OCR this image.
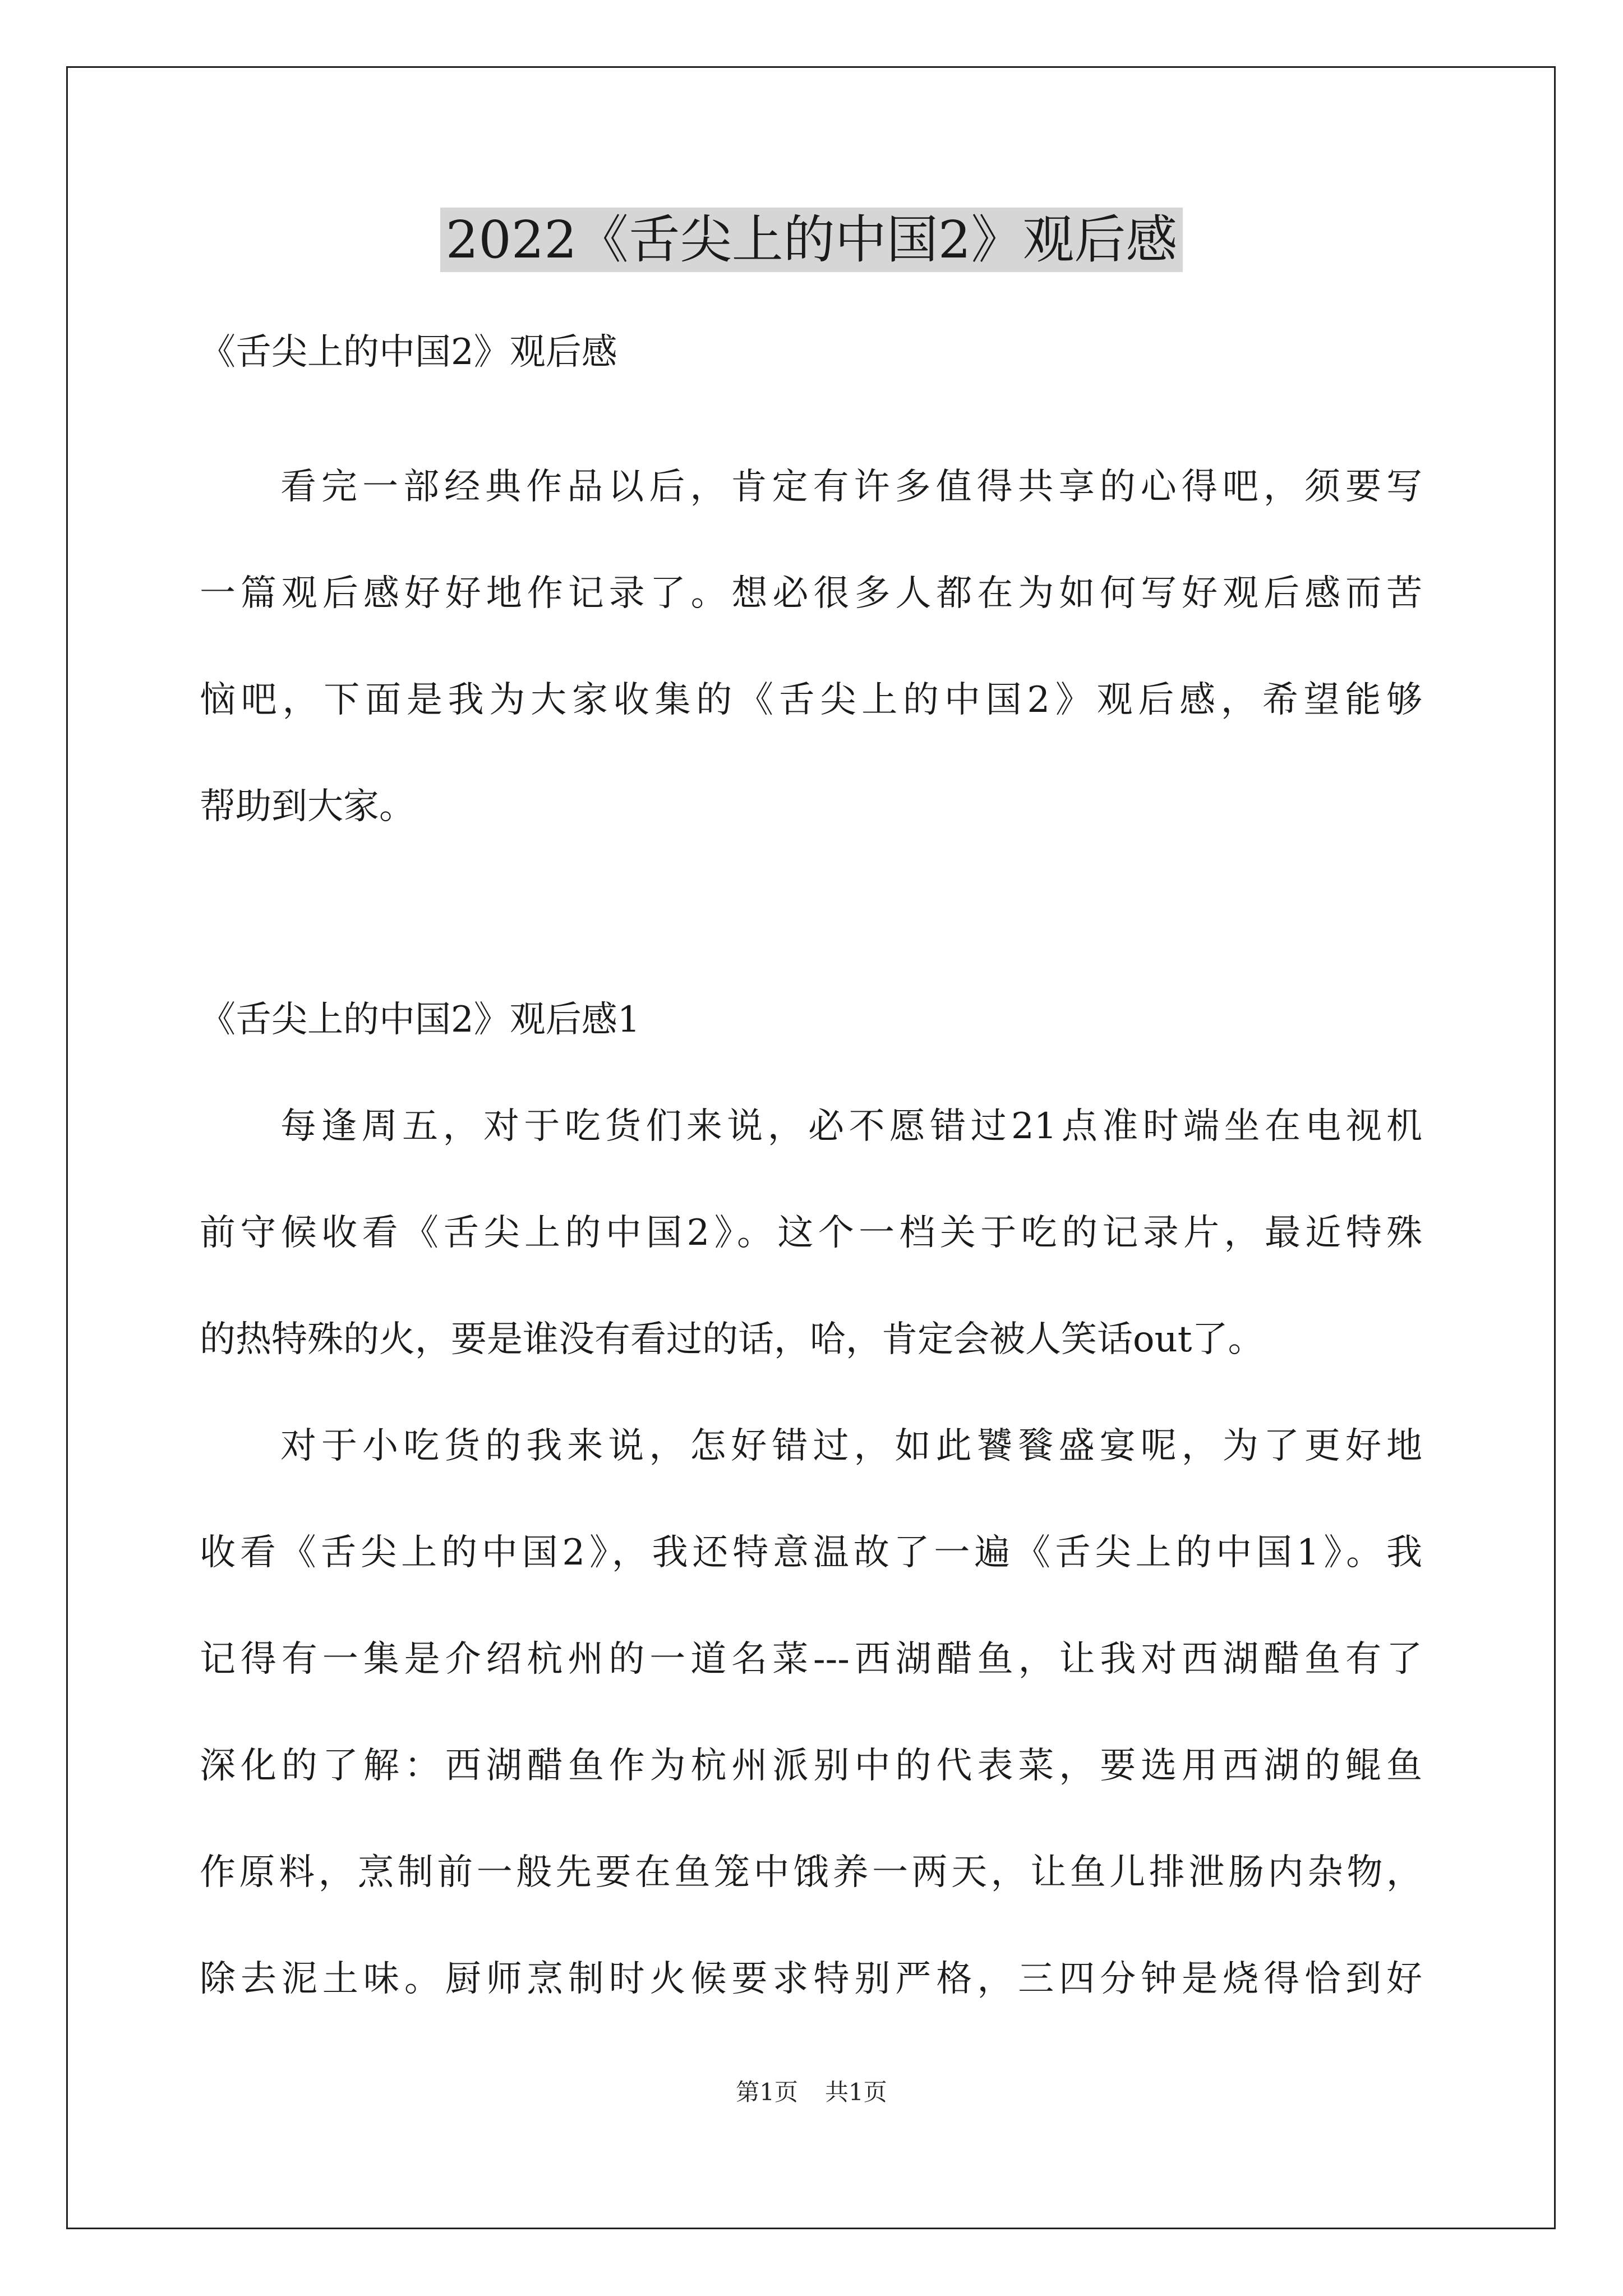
2022《舌尖上的中国2》观后感
《舌尖上的中国2》观后感
看完一部经典作品以后，肯定有许多值得共享的心得吧，须要写
一篇观后感好好地作记录了。想必很多人都在为如何写好观后感而苦
恼吧，下面是我为大家收集的《舌尖上的中国2》观后感，希望能够
帮助到大家。
《舌尖上的中国2》观后感1
每逢周五，对于吃货们来说，必不愿错过21点准时端坐在电视机
前守候收看《舌尖上的中国2》。这个一档关于吃的记录片，最近特殊
的热特殊的火，要是谁没有看过的话，哈，肯定会被人笑话out了。
对于小吃货的我来说，怎好错过，如此饕餮盛宴呢，为了更好地
收看《舌尖上的中国2》，我还特意温故了一遍《舌尖上的中国1》。我
记得有一集是介绍杭州的一道名菜---西湖醋鱼，让我对西湖醋鱼有了
深化的了解：西湖醋鱼作为杭州派别中的代表菜，要选用西湖的鲲鱼
作原料，烹制前一般先要在鱼笼中饿养一两天，让鱼儿排泄肠内杂物，
除去泥土味。厨师烹制时火候要求特别严格，三四分钟是烧得恰到好
第1页 共1页
